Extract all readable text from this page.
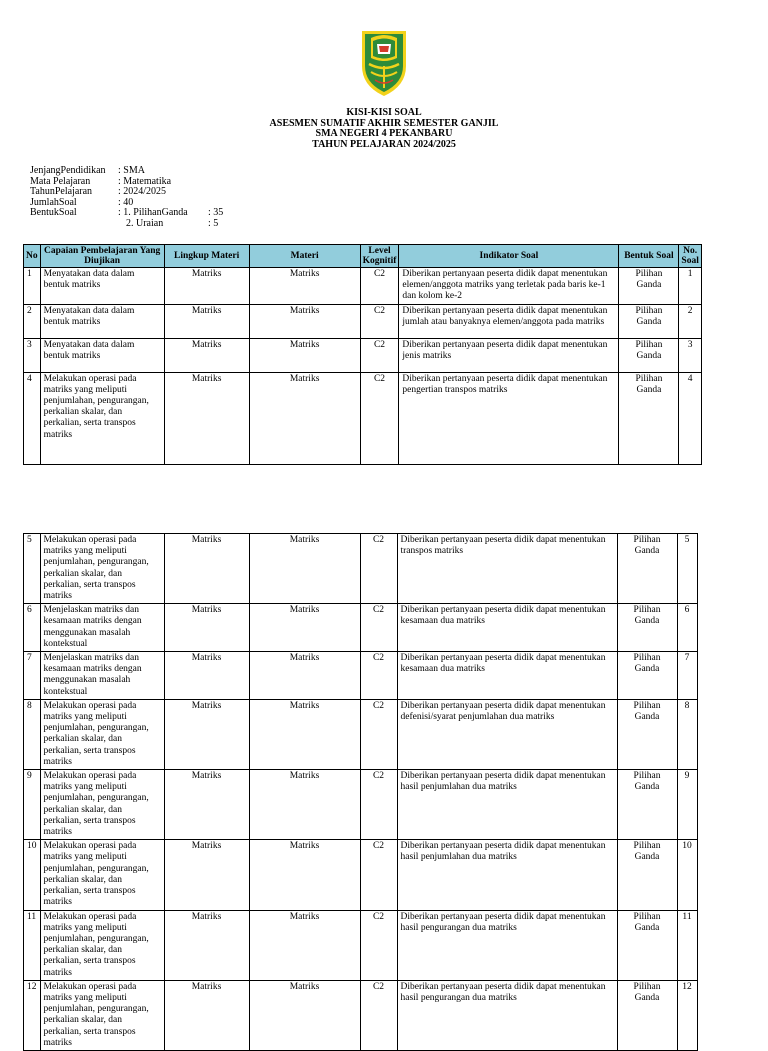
KISI-KISI SOAL
ASESMEN SUMATIF AKHIR SEMESTER GANJIL
SMA NEGERI 4 PEKANBARU
TAHUN PELAJARAN 2024/2025
JenjangPendidikan	: SMA
Mata Pelajaran	: Matematika
TahunPelajaran	: 2024/2025
JumlahSoal	: 40
BentukSoal	: 1. PilihanGanda	: 35
2. Uraian	: 5
No	Capaian Pembelajaran Yang Diujikan	Lingkup Materi	Materi	Level Kognitif	Indikator Soal	Bentuk Soal	No. Soal
1	Menyatakan data dalam bentuk matriks	Matriks	Matriks	C2	Diberikan pertanyaan peserta didik dapat menentukan elemen/anggota matriks yang terletak pada baris ke-1 dan kolom ke-2	Pilihan Ganda	1
2	Menyatakan data dalam bentuk matriks	Matriks	Matriks	C2	Diberikan pertanyaan peserta didik dapat menentukan jumlah atau banyaknya elemen/anggota pada matriks	Pilihan Ganda	2
3	Menyatakan data dalam bentuk matriks	Matriks	Matriks	C2	Diberikan pertanyaan peserta didik dapat menentukan jenis matriks	Pilihan Ganda	3
4	Melakukan operasi pada matriks yang meliputi penjumlahan, pengurangan, perkalian skalar, dan perkalian, serta transpos matriks	Matriks	Matriks	C2	Diberikan pertanyaan peserta didik dapat menentukan pengertian transpos matriks	Pilihan Ganda	4
5	Melakukan operasi pada matriks yang meliputi penjumlahan, pengurangan, perkalian skalar, dan perkalian, serta transpos matriks	Matriks	Matriks	C2	Diberikan pertanyaan peserta didik dapat menentukan transpos matriks	Pilihan Ganda	5
6	Menjelaskan matriks dan kesamaan matriks dengan menggunakan masalah kontekstual	Matriks	Matriks	C2	Diberikan pertanyaan peserta didik dapat menentukan kesamaan dua matriks	Pilihan Ganda	6
7	Menjelaskan matriks dan kesamaan matriks dengan menggunakan masalah kontekstual	Matriks	Matriks	C2	Diberikan pertanyaan peserta didik dapat menentukan kesamaan dua matriks	Pilihan Ganda	7
8	Melakukan operasi pada matriks yang meliputi penjumlahan, pengurangan, perkalian skalar, dan perkalian, serta transpos matriks	Matriks	Matriks	C2	Diberikan pertanyaan peserta didik dapat menentukan defenisi/syarat penjumlahan dua matriks	Pilihan Ganda	8
9	Melakukan operasi pada matriks yang meliputi penjumlahan, pengurangan, perkalian skalar, dan perkalian, serta transpos matriks	Matriks	Matriks	C2	Diberikan pertanyaan peserta didik dapat menentukan hasil penjumlahan dua matriks	Pilihan Ganda	9
10	Melakukan operasi pada matriks yang meliputi penjumlahan, pengurangan, perkalian skalar, dan perkalian, serta transpos matriks	Matriks	Matriks	C2	Diberikan pertanyaan peserta didik dapat menentukan hasil penjumlahan dua matriks	Pilihan Ganda	10
11	Melakukan operasi pada matriks yang meliputi penjumlahan, pengurangan, perkalian skalar, dan perkalian, serta transpos matriks	Matriks	Matriks	C2	Diberikan pertanyaan peserta didik dapat menentukan hasil pengurangan dua matriks	Pilihan Ganda	11
12	Melakukan operasi pada matriks yang meliputi penjumlahan, pengurangan, perkalian skalar, dan perkalian, serta transpos matriks	Matriks	Matriks	C2	Diberikan pertanyaan peserta didik dapat menentukan hasil pengurangan dua matriks	Pilihan Ganda	12
